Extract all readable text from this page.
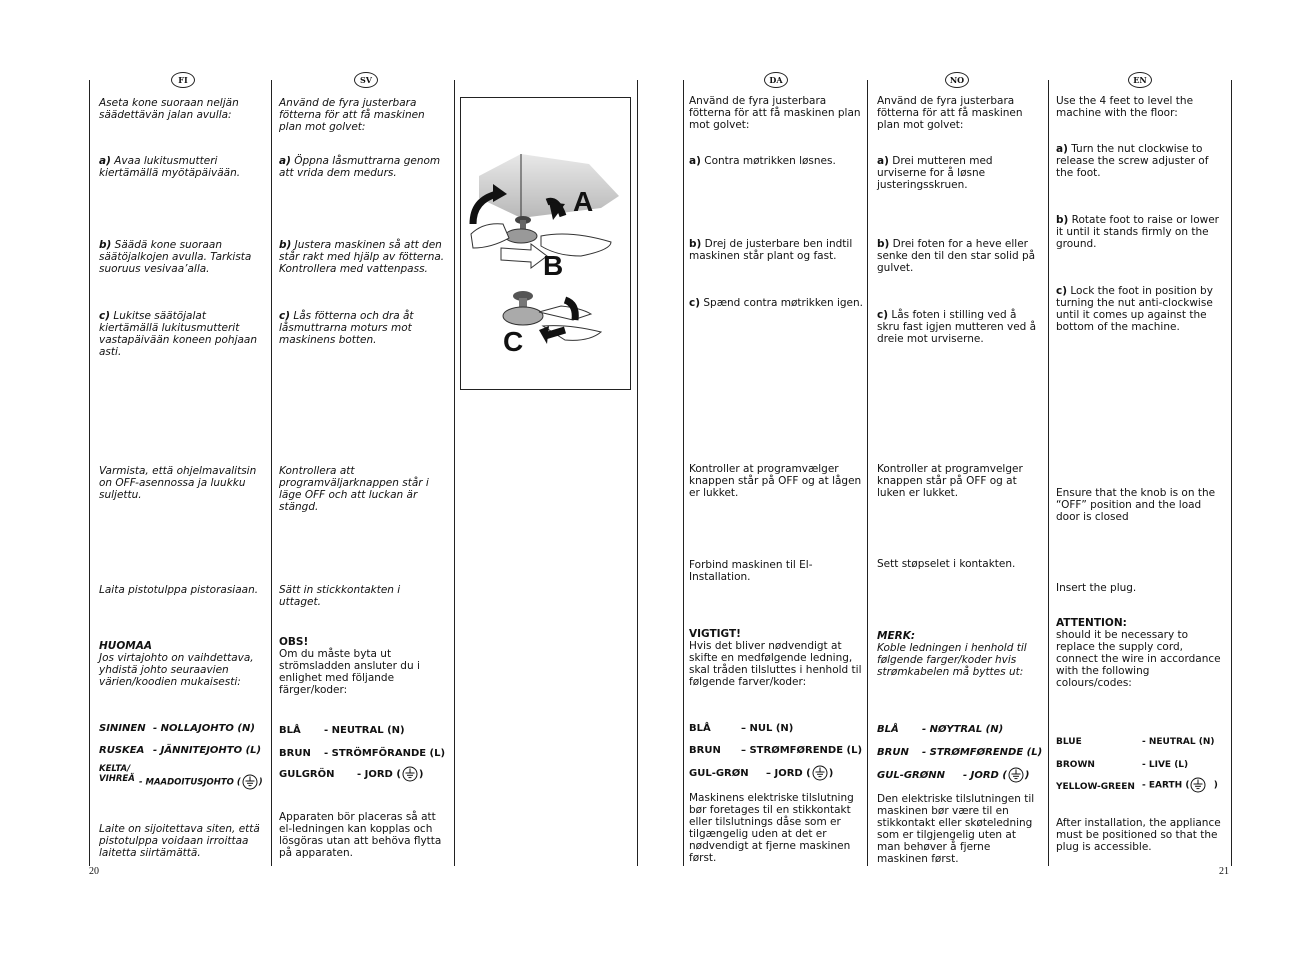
FI

Aseta kone suoraan neljän säädettävän jalan avulla:

a) Avaa lukitusmutteri kiertämällä myötäpäivään.

b) Säädä kone suoraan säätöjalkojen avulla. Tarkista suoruus vesivaa’alla.

c) Lukitse säätöjalat kiertämällä lukitusmutterit vastapäivään koneen pohjaan asti.

Varmista, että ohjelmavalitsin on OFF-asennossa ja luukku suljettu.

Laita pistotulppa pistorasiaan.

HUOMAA

Jos virtajohto on vaihdettava, yhdistä johto seuraavien värien/koodien mukaisesti:

SININEN - NOLLAJOHTO (N)
RUSKEA - JÄNNITEJOHTO (L)
KELTA/
VIHREÄ - MAADOITUSJOHTO ( )

Laite on sijoitettava siten, että pistotulppa voidaan irroittaa laitetta siirtämättä.

SV

Använd de fyra justerbara fötterna för att få maskinen plan mot golvet:

a) Öppna låsmuttrarna genom att vrida dem medurs.

b) Justera maskinen så att den står rakt med hjälp av fötterna. Kontrollera med vattenpass.

c) Lås fötterna och dra åt låsmuttrarna moturs mot maskinens botten.

Kontrollera att programväljarknappen står i läge OFF och att luckan är stängd.

Sätt in stickkontakten i uttaget.

OBS!

Om du måste byta ut strömsladden ansluter du i enlighet med följande färger/koder:

BLÅ - NEUTRAL (N)
BRUN - STRÖMFÖRANDE (L)
GULGRÖN - JORD ( )

Apparaten bör placeras så att el-ledningen kan kopplas och lösgöras utan att behöva flytta på apparaten.

A
B
C
DA

Använd de fyra justerbara fötterna för att få maskinen plan mot golvet:

a) Contra møtrikken løsnes.

b) Drej de justerbare ben indtil maskinen står plant og fast.

c) Spænd contra møtrikken igen.

Kontroller at programvælger knappen står på OFF og at lågen er lukket.

Forbind maskinen til El-Installation.

VIGTIGT!

Hvis det bliver nødvendigt at skifte en medfølgende ledning, skal tråden tilsluttes i henhold til følgende farver/koder:

BLÅ	– NUL (N)
BRUN – STRØMFØRENDE (L)
GUL-GRØN – JORD ( )

Maskinens elektriske tilslutning bør foretages til en stikkontakt eller tilslutnings dåse som er tilgængelig uden at det er nødvendigt at fjerne maskinen først.

NO

Använd de fyra justerbara fötterna för att få maskinen plan mot golvet:

a) Drei mutteren med urviserne for å løsne justeringsskruen.

b) Drei foten for a heve eller senke den til den star solid på gulvet.

c) Lås foten i stilling ved å skru fast igjen mutteren ved å dreie mot urviserne.

Kontroller at programvelger knappen står på OFF og at luken er lukket.

Sett støpselet i kontakten.

MERK:

Koble ledningen i henhold til følgende farger/koder hvis strømkabelen må byttes ut:

BLÅ - NØYTRAL (N)
BRUN - STRØMFØRENDE (L)
GUL-GRØNN - JORD ( )

Den elektriske tilslutningen til maskinen bør være til en stikkontakt eller skøteledning som er tilgjengelig uten at man behøver å fjerne maskinen først.

EN

Use the 4 feet to level the machine with the floor:

a) Turn the nut clockwise to release the screw adjuster of the foot.

b) Rotate foot to raise or lower it until it stands firmly on the ground.

c) Lock the foot in position by turning the nut anti-clockwise until it comes up against the bottom of the machine.

Ensure that the knob is on the “OFF” position and the load door is closed

Insert the plug.

ATTENTION:

should it be necessary to replace the supply cord, connect the wire in accordance with the following colours/codes:

BLUE	- NEUTRAL (N)
BROWN	- LIVE (L)
YELLOW-GREEN - EARTH (  )

After installation, the appliance must be positioned so that the plug is accessible.

20	21
